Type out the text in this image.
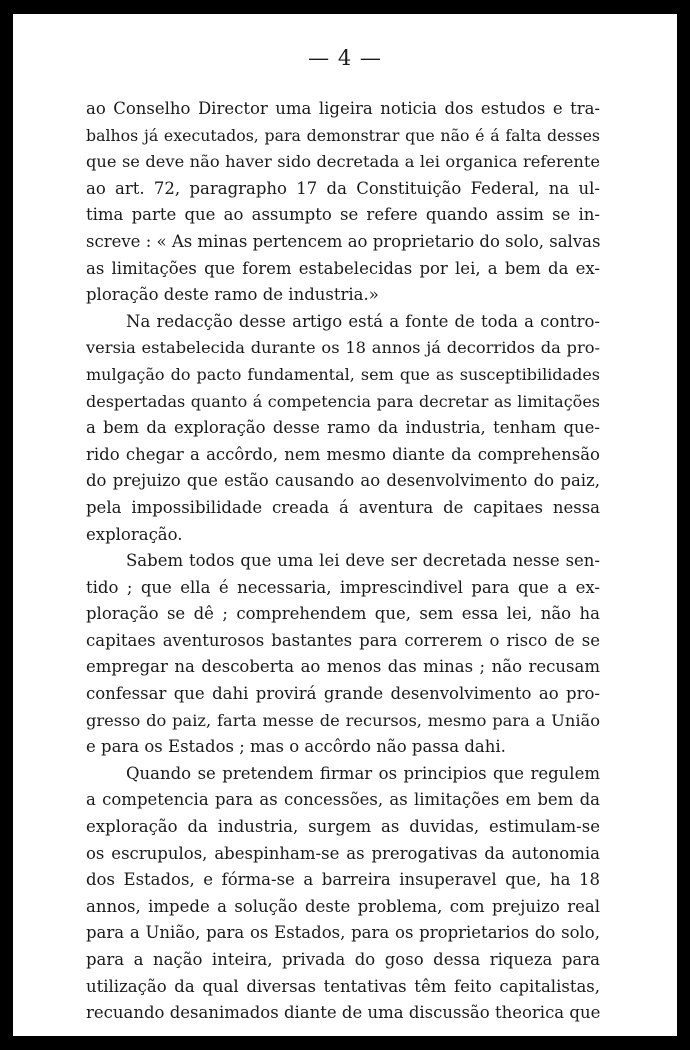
— 4 —
ao Conselho Director uma ligeira noticia dos estudos e tra-
balhos já executados, para demonstrar que não é á falta desses
que se deve não haver sido decretada a lei organica referente
ao art. 72, paragrapho 17 da Constituição Federal, na ul-
tima parte que ao assumpto se refere quando assim se in-
screve : « As minas pertencem ao proprietario do solo, salvas
as limitações que forem estabelecidas por lei, a bem da ex-
ploração deste ramo de industria.»
Na redacção desse artigo está a fonte de toda a contro-
versia estabelecida durante os 18 annos já decorridos da pro-
mulgação do pacto fundamental, sem que as susceptibilidades
despertadas quanto á competencia para decretar as limitações
a bem da exploração desse ramo da industria, tenham que-
rido chegar a accôrdo, nem mesmo diante da comprehensão
do prejuizo que estão causando ao desenvolvimento do paiz,
pela impossibilidade creada á aventura de capitaes nessa
exploração.
Sabem todos que uma lei deve ser decretada nesse sen-
tido ; que ella é necessaria, imprescindivel para que a ex-
ploração se dê ; comprehendem que, sem essa lei, não ha
capitaes aventurosos bastantes para correrem o risco de se
empregar na descoberta ao menos das minas ; não recusam
confessar que dahi provirá grande desenvolvimento ao pro-
gresso do paiz, farta messe de recursos, mesmo para a União
e para os Estados ; mas o accôrdo não passa dahi.
Quando se pretendem firmar os principios que regulem
a competencia para as concessões, as limitações em bem da
exploração da industria, surgem as duvidas, estimulam-se
os escrupulos, abespinham-se as prerogativas da autonomia
dos Estados, e fórma-se a barreira insuperavel que, ha 18
annos, impede a solução deste problema, com prejuizo real
para a União, para os Estados, para os proprietarios do solo,
para a nação inteira, privada do goso dessa riqueza para
utilização da qual diversas tentativas têm feito capitalistas,
recuando desanimados diante de uma discussão theorica que
